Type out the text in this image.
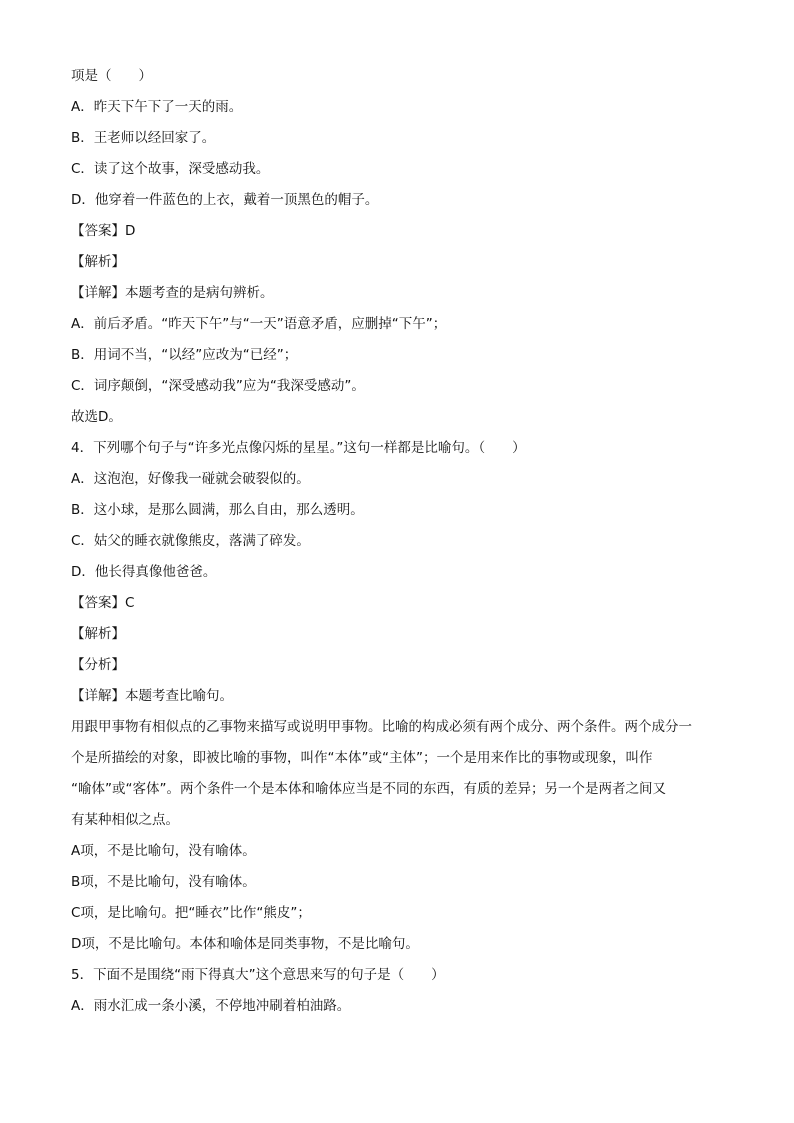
项是（　　）
A．昨天下午下了一天的雨。
B．王老师以经回家了。
C．读了这个故事，深受感动我。
D．他穿着一件蓝色的上衣，戴着一顶黑色的帽子。
【答案】D
【解析】
【详解】本题考查的是病句辨析。
A．前后矛盾。“昨天下午”与“一天”语意矛盾，应删掉“下午”；
B．用词不当，“以经”应改为“已经”；
C．词序颠倒，“深受感动我”应为“我深受感动”。
故选D。
4．下列哪个句子与“许多光点像闪烁的星星。”这句一样都是比喻句。（　　）
A．这泡泡，好像我一碰就会破裂似的。
B．这小球，是那么圆满，那么自由，那么透明。
C．姑父的睡衣就像熊皮，落满了碎发。
D．他长得真像他爸爸。
【答案】C
【解析】
【分析】
【详解】本题考查比喻句。
用跟甲事物有相似点的乙事物来描写或说明甲事物。比喻的构成必须有两个成分、两个条件。两个成分一
个是所描绘的对象，即被比喻的事物，叫作“本体”或“主体”；一个是用来作比的事物或现象，叫作
“喻体”或“客体”。两个条件一个是本体和喻体应当是不同的东西，有质的差异；另一个是两者之间又
有某种相似之点。
A项，不是比喻句，没有喻体。
B项，不是比喻句，没有喻体。
C项，是比喻句。把“睡衣”比作“熊皮”；
D项，不是比喻句。本体和喻体是同类事物，不是比喻句。
5．下面不是围绕“雨下得真大”这个意思来写的句子是（　　）
A．雨水汇成一条小溪，不停地冲刷着柏油路。
